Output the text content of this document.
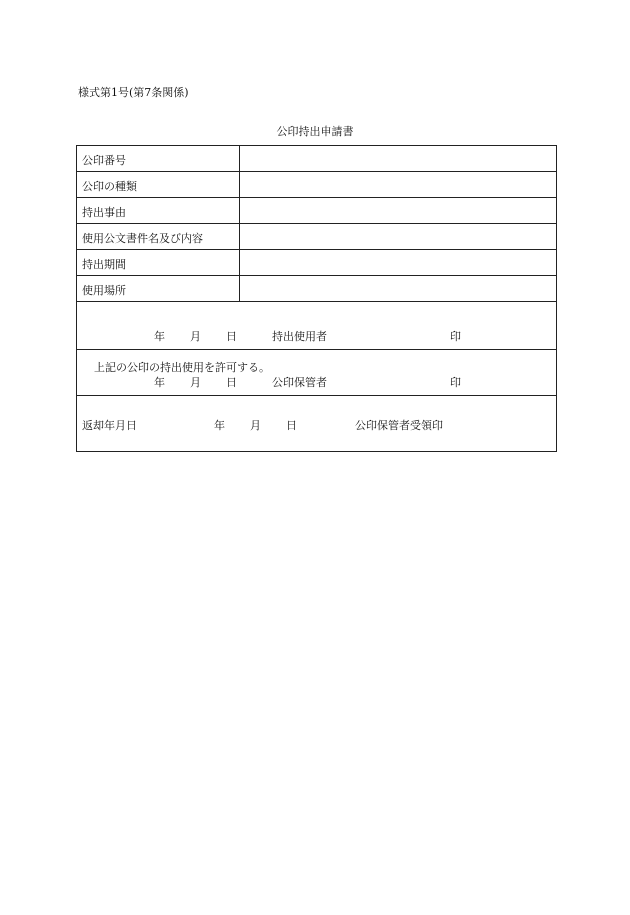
様式第1号(第7条関係)
公印持出申請書
公印番号
公印の種類
持出事由
使用公文書件名及び内容
持出期間
使用場所
年 月 日	持出使用者	印
上記の公印の持出使用を許可する。
年 月 日	公印保管者	印
返却年月日	年 月 日	公印保管者受領印
